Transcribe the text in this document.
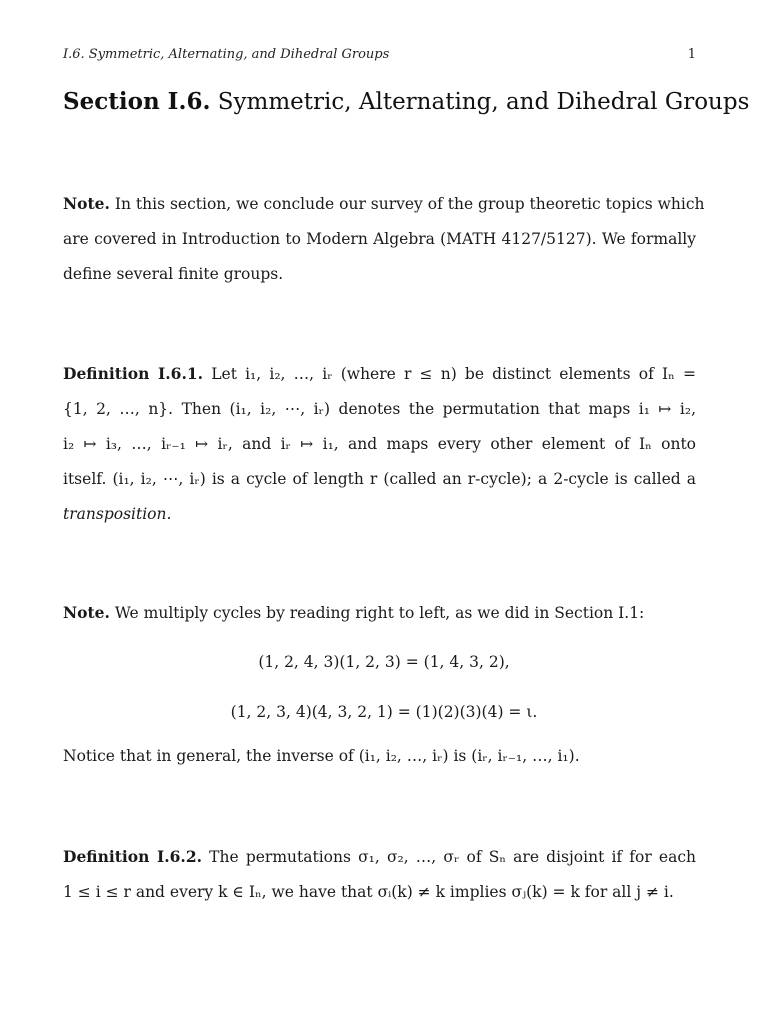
I.6. Symmetric, Alternating, and Dihedral Groups	1
Section I.6. Symmetric, Alternating, and Dihedral Groups
Note. In this section, we conclude our survey of the group theoretic topics which
are covered in Introduction to Modern Algebra (MATH 4127/5127). We formally
define several finite groups.
Definition I.6.1. Let i₁, i₂, …, iᵣ (where r ≤ n) be distinct elements of Iₙ =
{1, 2, …, n}. Then (i₁, i₂, ⋯, iᵣ) denotes the permutation that maps i₁ ↦ i₂,
i₂ ↦ i₃, …, iᵣ₋₁ ↦ iᵣ, and iᵣ ↦ i₁, and maps every other element of Iₙ onto
itself. (i₁, i₂, ⋯, iᵣ) is a cycle of length r (called an r-cycle); a 2-cycle is called a
transposition.
Note. We multiply cycles by reading right to left, as we did in Section I.1:
(1, 2, 4, 3)(1, 2, 3) = (1, 4, 3, 2),
(1, 2, 3, 4)(4, 3, 2, 1) = (1)(2)(3)(4) = ι.
Notice that in general, the inverse of (i₁, i₂, …, iᵣ) is (iᵣ, iᵣ₋₁, …, i₁).
Definition I.6.2. The permutations σ₁, σ₂, …, σᵣ of Sₙ are disjoint if for each
1 ≤ i ≤ r and every k ∈ Iₙ, we have that σᵢ(k) ≠ k implies σⱼ(k) = k for all j ≠ i.
